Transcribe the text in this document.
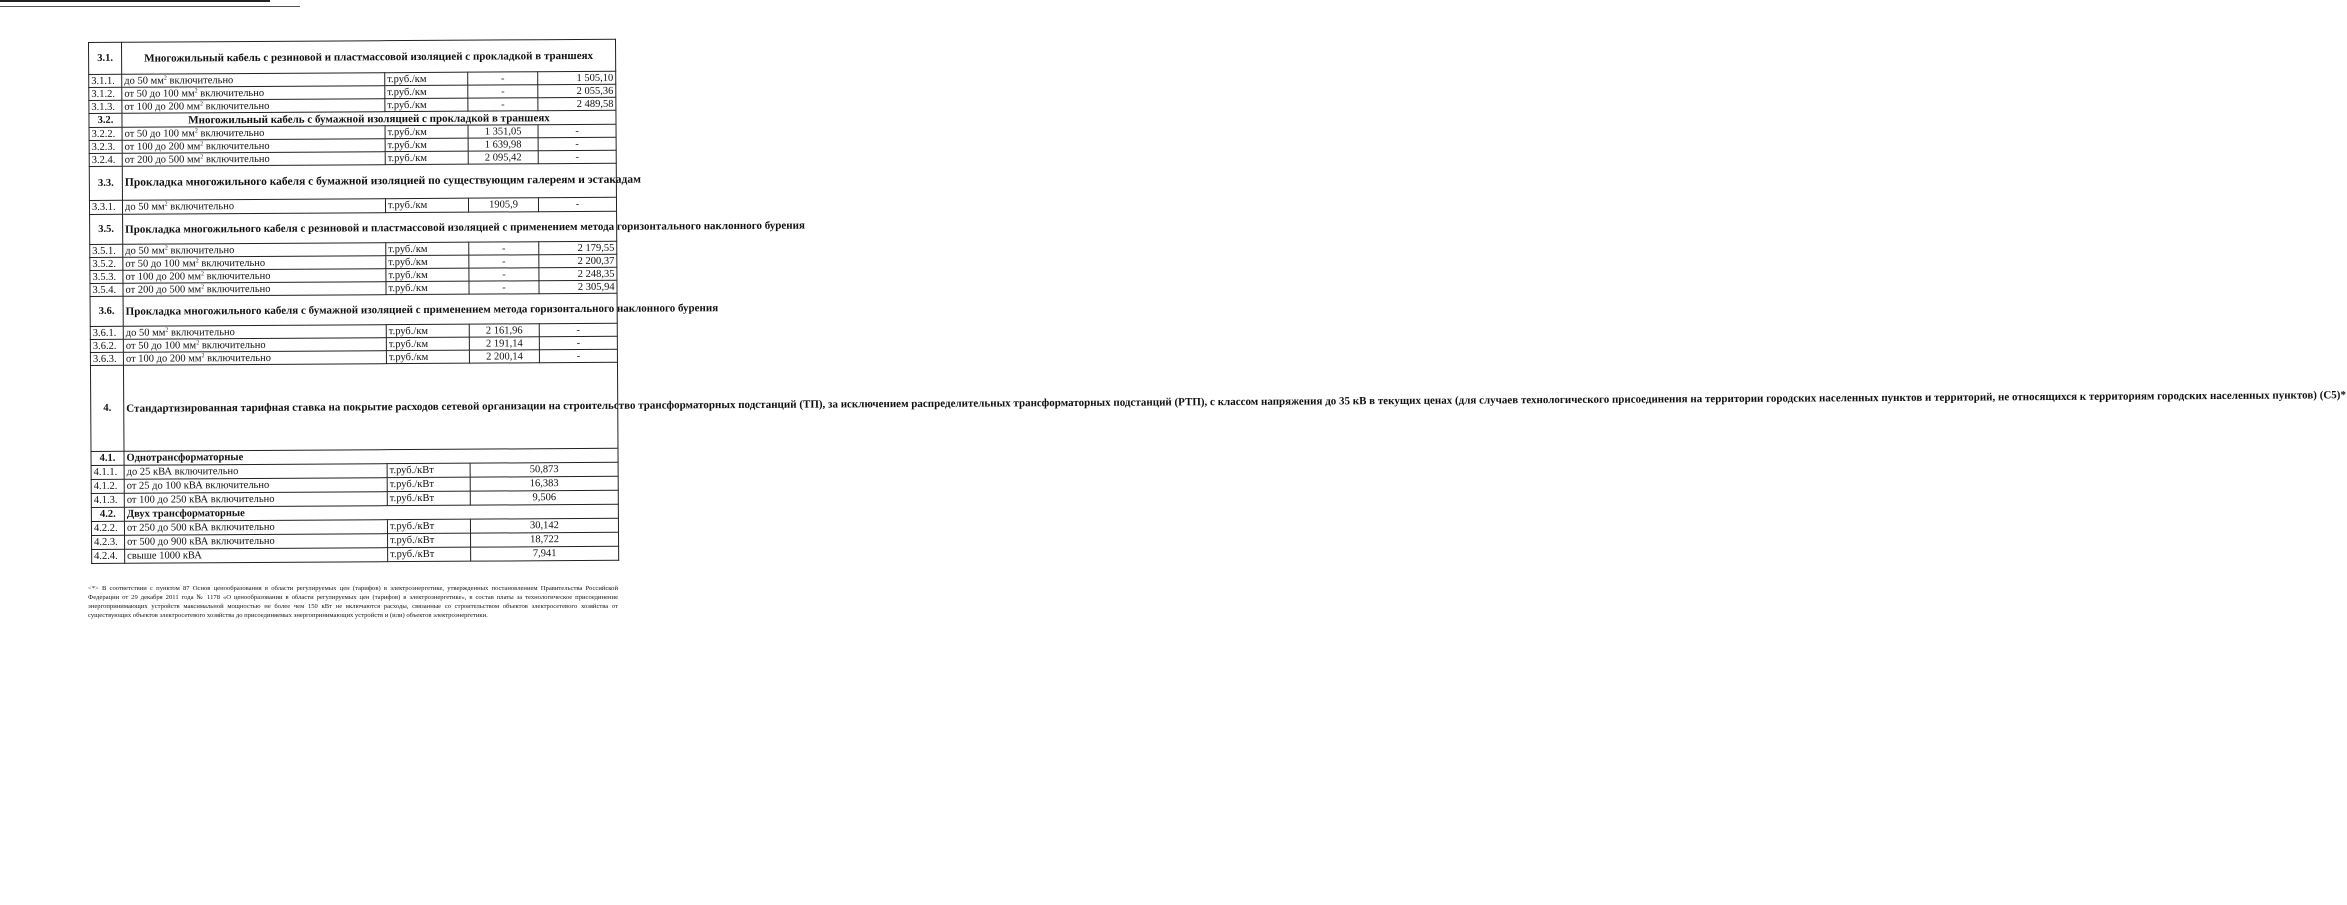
3.1.	Многожильный кабель с резиновой и пластмассовой изоляцией с прокладкой в траншеях			
3.1.1.	до 50 $мм^2$ включительно	т.руб./км	-	1 505,10
3.1.2.	от 50 до 100 $мм^2$ включительно	т.руб./км	-	2 055,36
3.1.3.	от 100 до 200 $мм^2$ включительно	т.руб./км	-	2 489,58
3.2.	Многожильный кабель с бумажной изоляцией с прокладкой в траншеях			
3.2.2.	от 50 до 100 $мм^2$ включительно	т.руб./км	1 351,05	-
3.2.3.	от 100 до 200 $мм^2$ включительно	т.руб./км	1 639,98	-
3.2.4.	от 200 до 500 $мм^2$ включительно	т.руб./км	2 095,42	-
3.3.	Прокладка многожильного кабеля с бумажной изоляцией по существующим галереям и эстакадам			
3.3.1.	до 50 $мм^2$ включительно	т.руб./км	1905,9	-
3.5.	Прокладка многожильного кабеля с резиновой и пластмассовой изоляцией с применением метода горизонтального наклонного бурения			
3.5.1.	до 50 $мм^2$ включительно	т.руб./км	-	2 179,55
3.5.2.	от 50 до 100 $мм^2$ включительно	т.руб./км	-	2 200,37
3.5.3.	от 100 до 200 $мм^2$ включительно	т.руб./км	-	2 248,35
3.5.4.	от 200 до 500 $мм^2$ включительно	т.руб./км	-	2 305,94
3.6.	Прокладка многожильного кабеля с бумажной изоляцией с применением метода горизонтального наклонного бурения			
3.6.1.	до 50 $мм^2$ включительно	т.руб./км	2 161,96	-
3.6.2.	от 50 до 100 $мм^2$ включительно	т.руб./км	2 191,14	-
3.6.3.	от 100 до 200 $мм^2$ включительно	т.руб./км	2 200,14	-
4.	Стандартизированная тарифная ставка на покрытие расходов сетевой организации на строительство трансформаторных подстанций (ТП), за исключением распределительных трансформаторных подстанций (РТП), с классом напряжения до 35 кВ в текущих ценах (для случаев технологического присоединения на территории городских населенных пунктов и территорий, не относящихся к территориям городских населенных пунктов) (С5)*			
4.1.	Однотрансформаторные			
4.1.1.	до 25 кВА включительно	т.руб./кВт	50,873	
4.1.2.	от 25 до 100 кВА включительно	т.руб./кВт	16,383	
4.1.3.	от 100 до 250 кВА включительно	т.руб./кВт	9,506	
4.2.	Двух трансформаторные			
4.2.2.	от 250 до 500 кВА включительно	т.руб./кВт	30,142	
4.2.3.	от 500 до 900 кВА включительно	т.руб./кВт	18,722	
4.2.4.	свыше 1000 кВА	т.руб./кВт	7,941	
<*> В соответствии с пунктом 87 Основ ценообразования в области регулируемых цен (тарифов) в электроэнергетике, утвержденных постановлением Правительства Российской Федерации от 29 декабря 2011 года № 1178 «О ценообразовании в области регулируемых цен (тарифов) в электроэнергетике», в состав платы за технологическое присоединение энергопринимающих устройств максимальной мощностью не более чем 150 кВт не включаются расходы, связанные со строительством объектов электросетевого хозяйства от существующих объектов электросетевого хозяйства до присоединяемых энергопринимающих устройств и (или) объектов электроэнергетики.
